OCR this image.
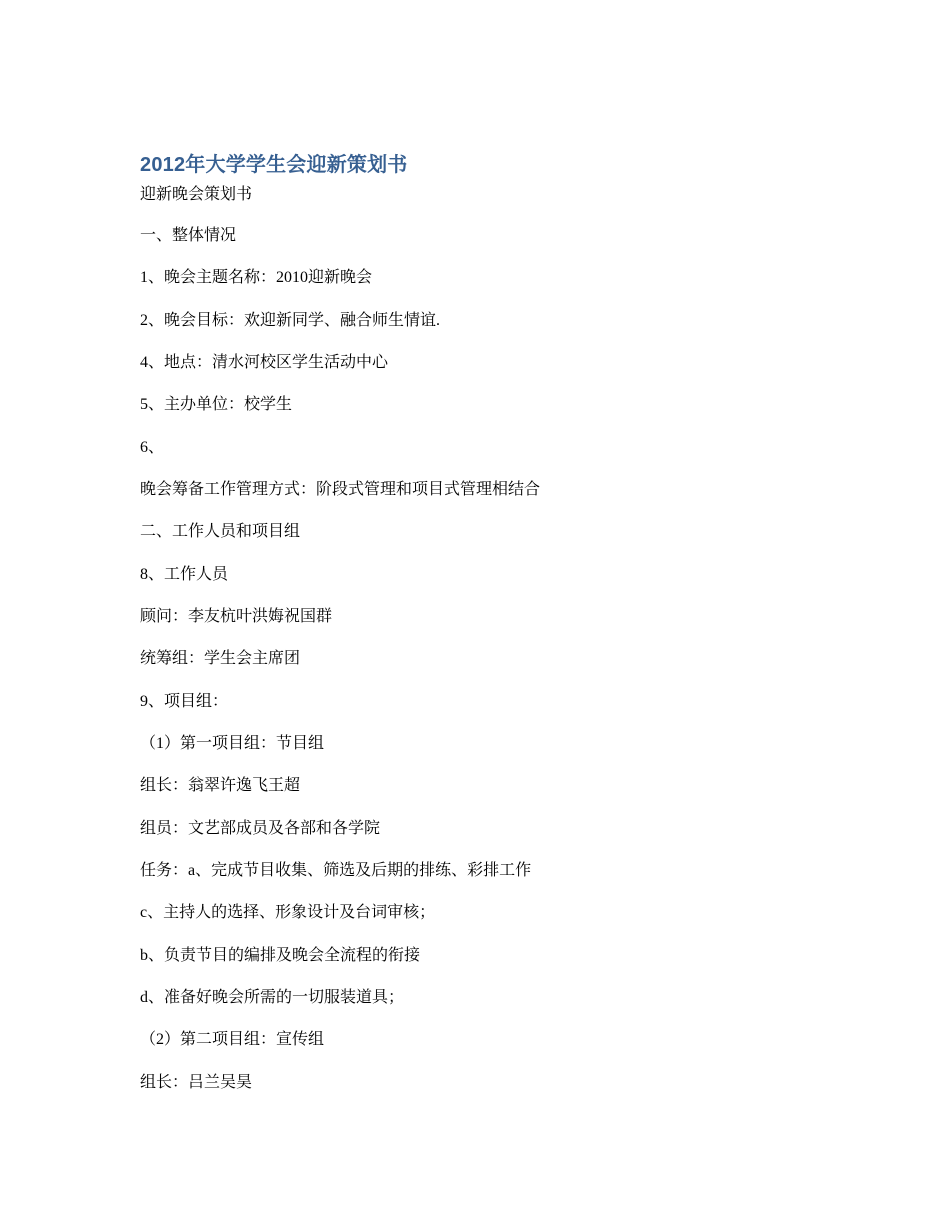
2012年大学学生会迎新策划书

迎新晚会策划书

一、整体情况

1、晚会主题名称：2010迎新晚会

2、晚会目标：欢迎新同学、融合师生情谊.

4、地点：清水河校区学生活动中心

5、主办单位：校学生

6、

晚会筹备工作管理方式：阶段式管理和项目式管理相结合

二、工作人员和项目组

8、工作人员

顾问：李友杭叶洪娒祝国群

统筹组：学生会主席团

9、项目组：

（1）第一项目组：节目组

组长：翁翠许逸飞王超

组员：文艺部成员及各部和各学院

任务：a、完成节目收集、筛选及后期的排练、彩排工作

c、主持人的选择、形象设计及台词审核；

b、负责节目的编排及晚会全流程的衔接

d、准备好晚会所需的一切服装道具；

（2）第二项目组：宣传组

组长：吕兰吴昊
